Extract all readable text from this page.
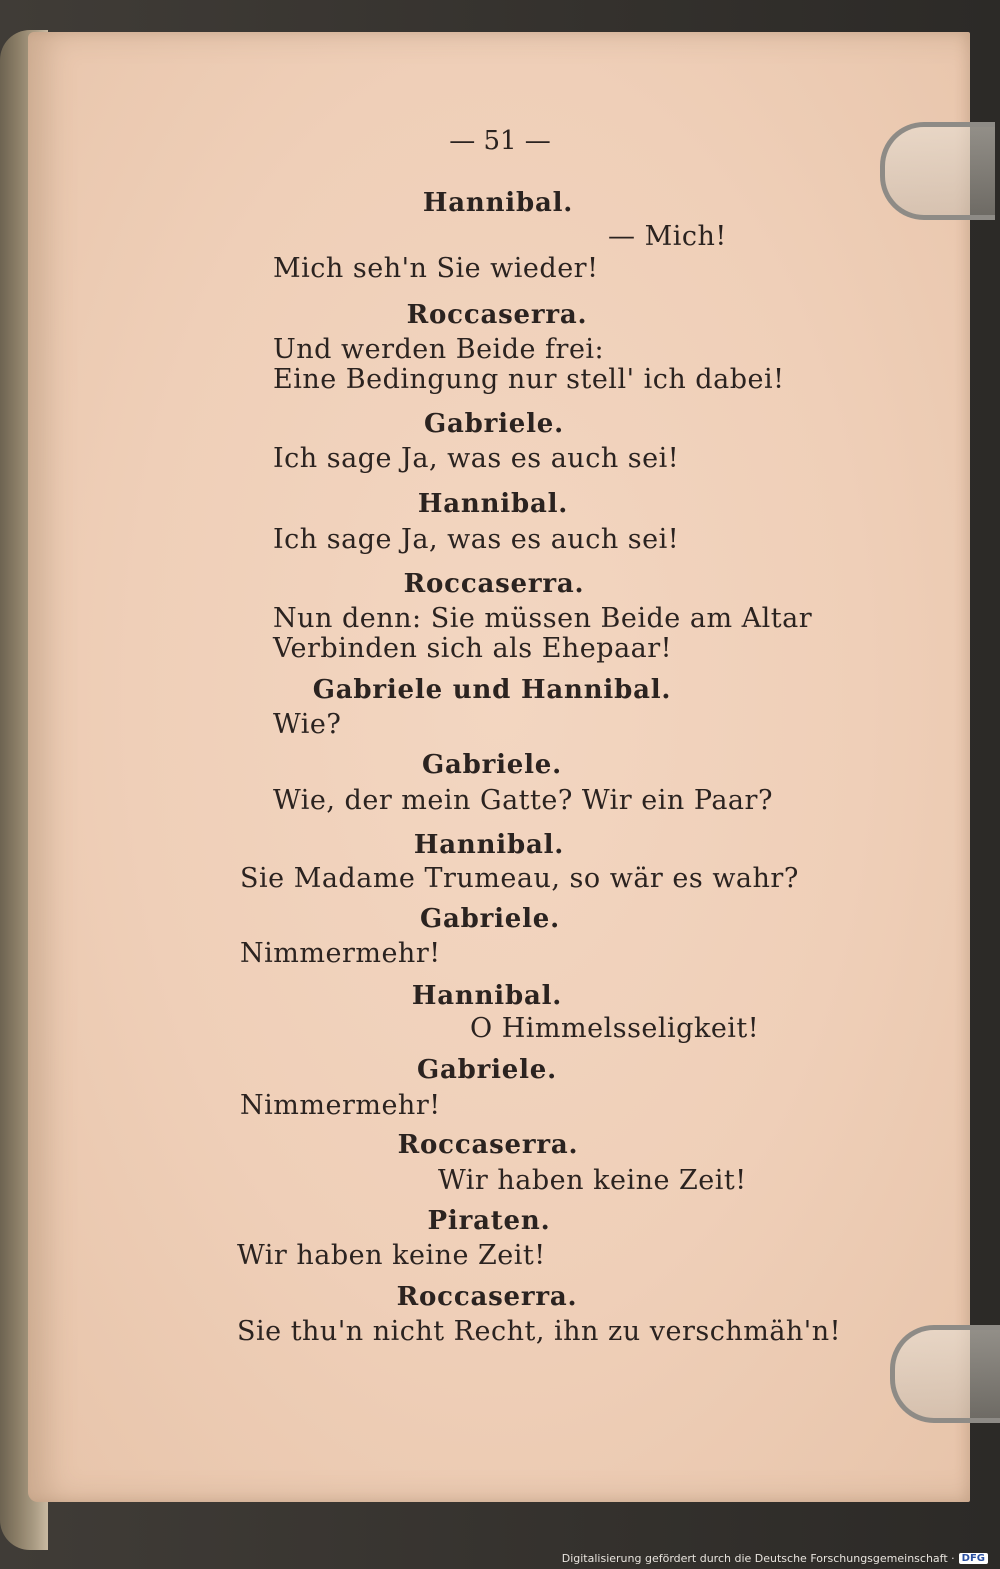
— 51 —
Hannibal.
— Mich!
Mich seh'n Sie wieder!
Roccaserra.
Und werden Beide frei:
Eine Bedingung nur stell' ich dabei!
Gabriele.
Ich sage Ja, was es auch sei!
Hannibal.
Ich sage Ja, was es auch sei!
Roccaserra.
Nun denn: Sie müssen Beide am Altar
Verbinden sich als Ehepaar!
Gabriele und Hannibal.
Wie?
Gabriele.
Wie, der mein Gatte? Wir ein Paar?
Hannibal.
Sie Madame Trumeau, so wär es wahr?
Gabriele.
Nimmermehr!
Hannibal.
O Himmelsseligkeit!
Gabriele.
Nimmermehr!
Roccaserra.
Wir haben keine Zeit!
Piraten.
Wir haben keine Zeit!
Roccaserra.
Sie thu'n nicht Recht, ihn zu verschmäh'n!
Digitalisierung gefördert durch die Deutsche Forschungsgemeinschaft · DFG
